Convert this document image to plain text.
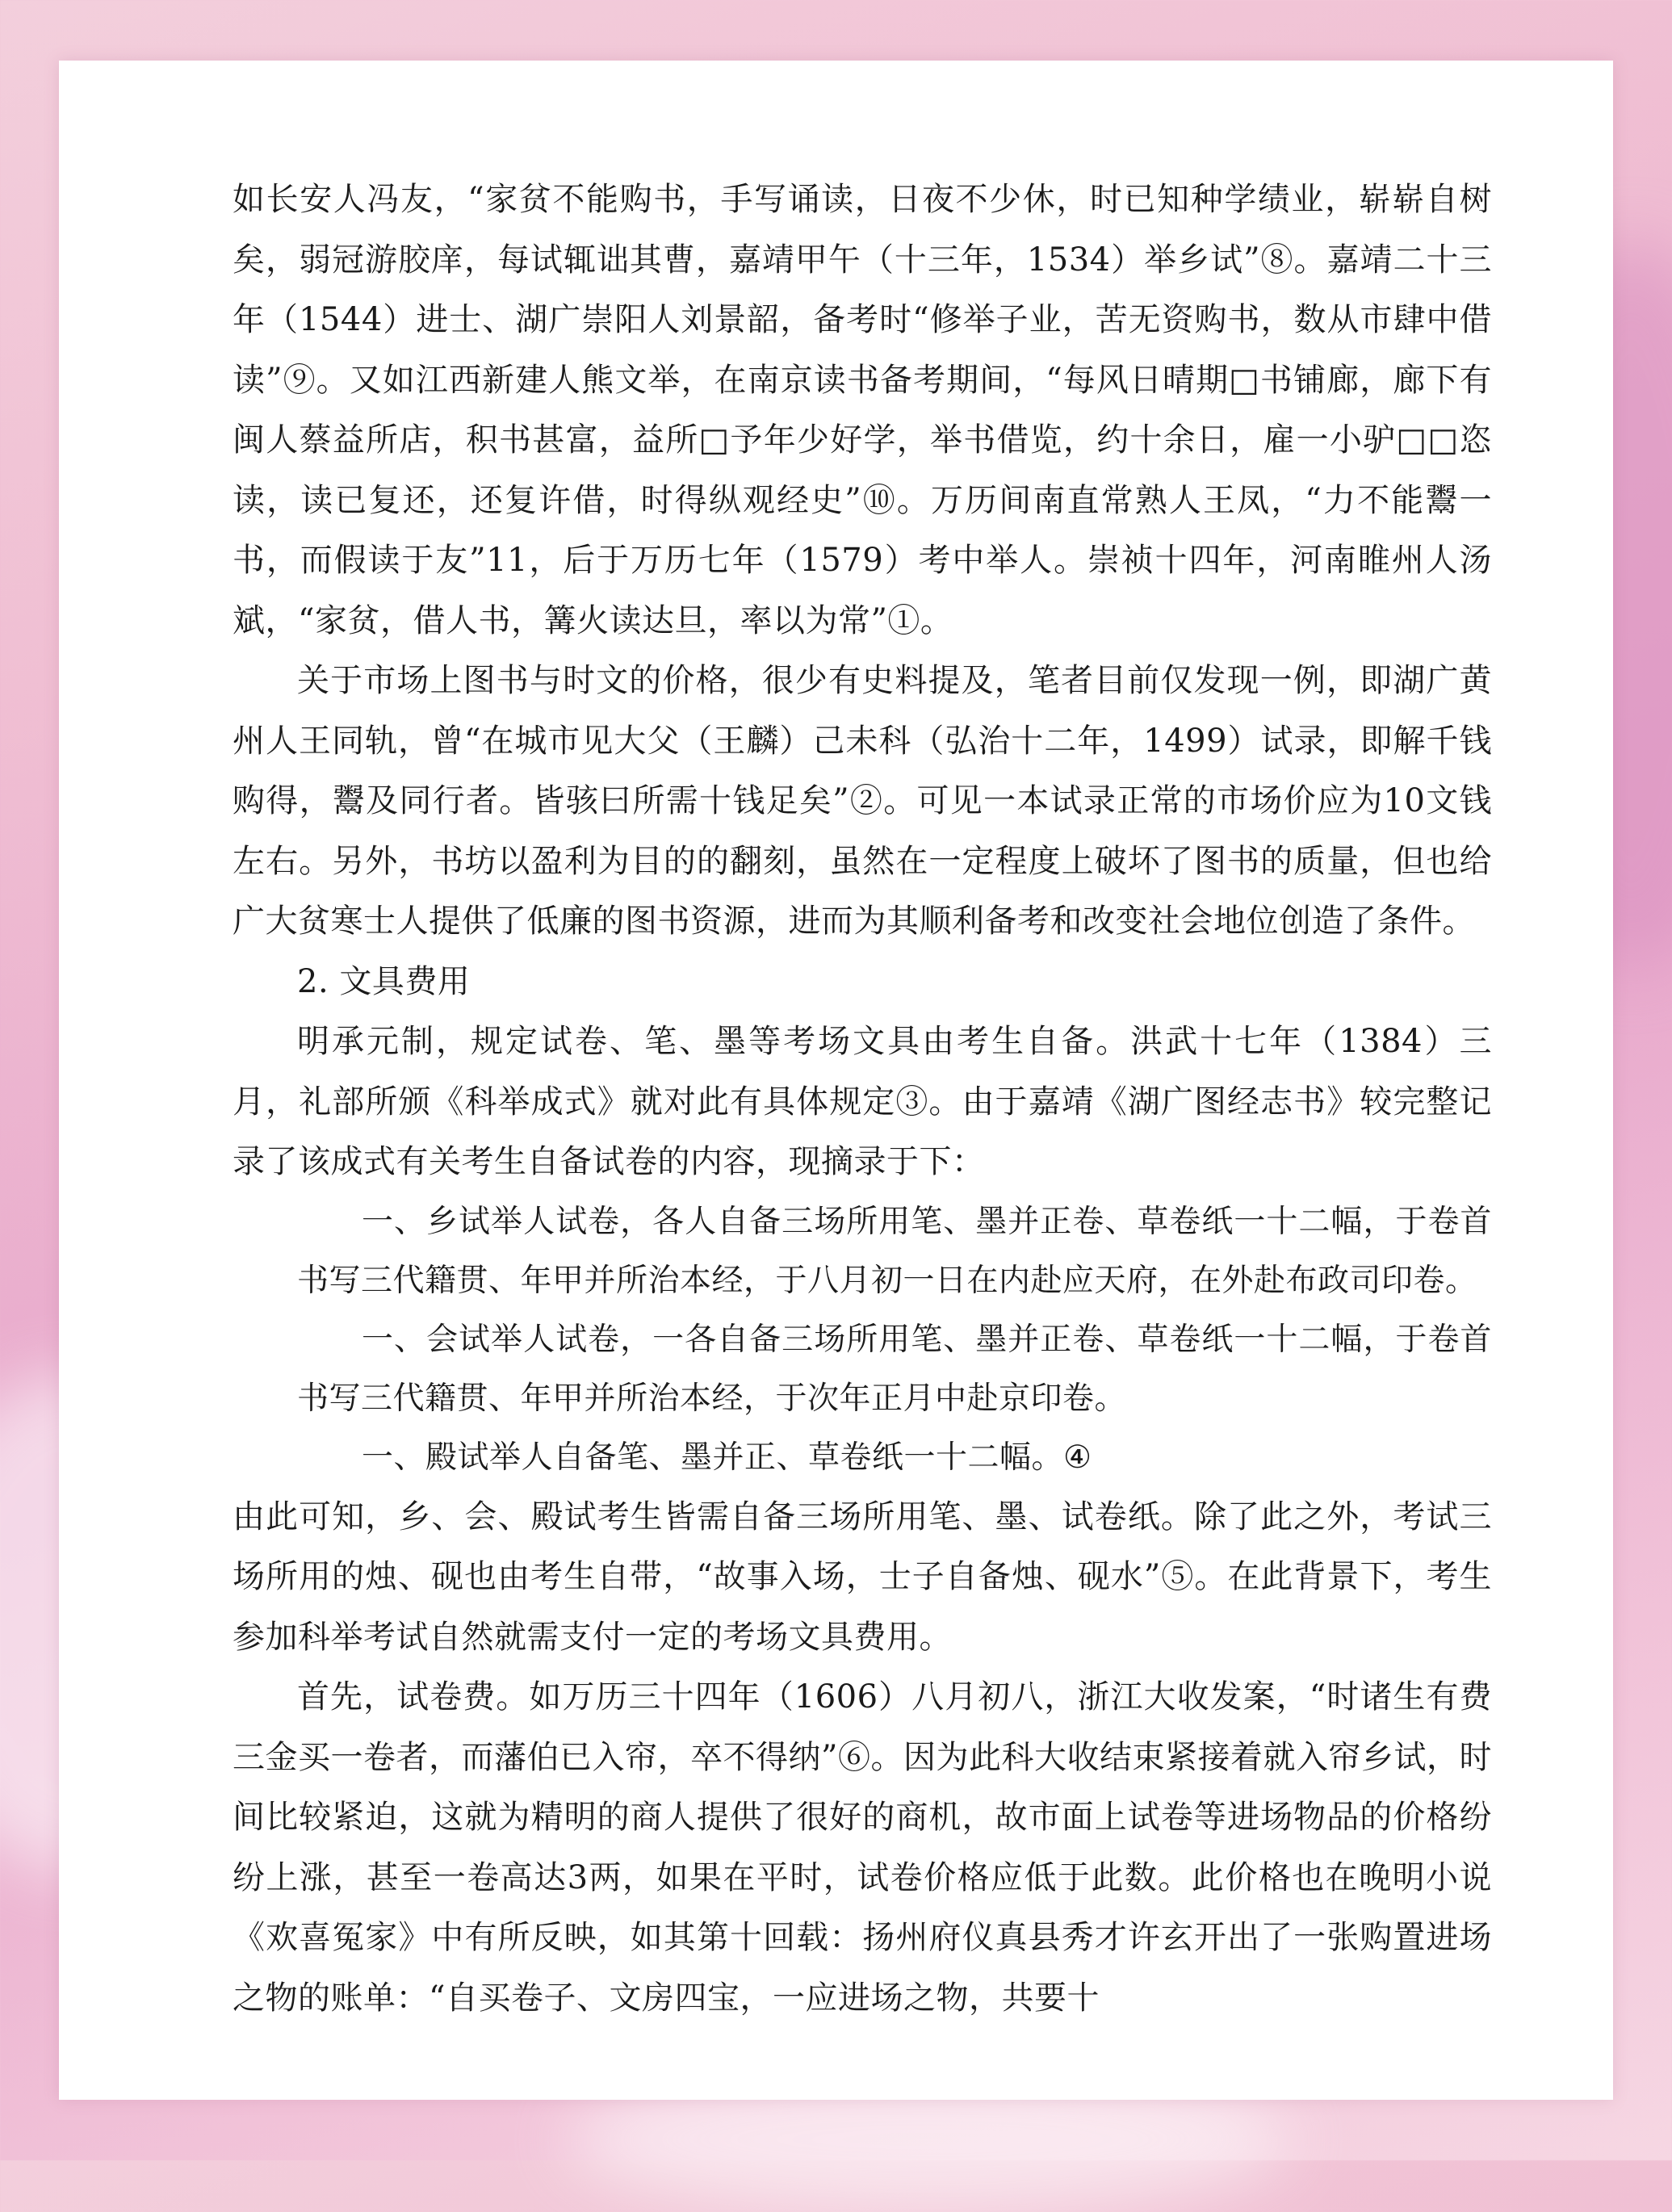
如长安人冯友，“家贫不能购书，手写诵读，日夜不少休，时已知种学绩业，崭崭自树矣，弱冠游胶庠，每试辄诎其曹，嘉靖甲午（十三年，1534）举乡试”⑧。嘉靖二十三年（1544）进士、湖广崇阳人刘景韶，备考时“修举子业，苦无资购书，数从市肆中借读”⑨。又如江西新建人熊文举，在南京读书备考期间，“每风日晴期□书铺廊，廊下有闽人蔡益所店，积书甚富，益所□予年少好学，举书借览，约十余日，雇一小驴□□恣读，读已复还，还复许借，时得纵观经史”⑩。万历间南直常熟人王凤，“力不能鬻一书，而假读于友”11，后于万历七年（1579）考中举人。崇祯十四年，河南睢州人汤斌，“家贫，借人书，篝火读达旦，率以为常”①。

关于市场上图书与时文的价格，很少有史料提及，笔者目前仅发现一例，即湖广黄州人王同轨，曾“在城市见大父（王麟）己未科（弘治十二年，1499）试录，即解千钱购得，鬻及同行者。皆骇曰所需十钱足矣”②。可见一本试录正常的市场价应为10文钱左右。另外，书坊以盈利为目的的翻刻，虽然在一定程度上破坏了图书的质量，但也给广大贫寒士人提供了低廉的图书资源，进而为其顺利备考和改变社会地位创造了条件。

2. 文具费用

明承元制，规定试卷、笔、墨等考场文具由考生自备。洪武十七年（1384）三月，礼部所颁《科举成式》就对此有具体规定③。由于嘉靖《湖广图经志书》较完整记录了该成式有关考生自备试卷的内容，现摘录于下：

一、乡试举人试卷，各人自备三场所用笔、墨并正卷、草卷纸一十二幅，于卷首书写三代籍贯、年甲并所治本经，于八月初一日在内赴应天府，在外赴布政司印卷。

一、会试举人试卷，一各自备三场所用笔、墨并正卷、草卷纸一十二幅，于卷首书写三代籍贯、年甲并所治本经，于次年正月中赴京印卷。

一、殿试举人自备笔、墨并正、草卷纸一十二幅。④

由此可知，乡、会、殿试考生皆需自备三场所用笔、墨、试卷纸。除了此之外，考试三场所用的烛、砚也由考生自带，“故事入场，士子自备烛、砚水”⑤。在此背景下，考生参加科举考试自然就需支付一定的考场文具费用。

首先，试卷费。如万历三十四年（1606）八月初八，浙江大收发案，“时诸生有费三金买一卷者，而藩伯已入帘，卒不得纳”⑥。因为此科大收结束紧接着就入帘乡试，时间比较紧迫，这就为精明的商人提供了很好的商机，故市面上试卷等进场物品的价格纷纷上涨，甚至一卷高达3两，如果在平时，试卷价格应低于此数。此价格也在晚明小说《欢喜冤家》中有所反映，如其第十回载：扬州府仪真县秀才许玄开出了一张购置进场之物的账单：“自买卷子、文房四宝，一应进场之物，共要十
